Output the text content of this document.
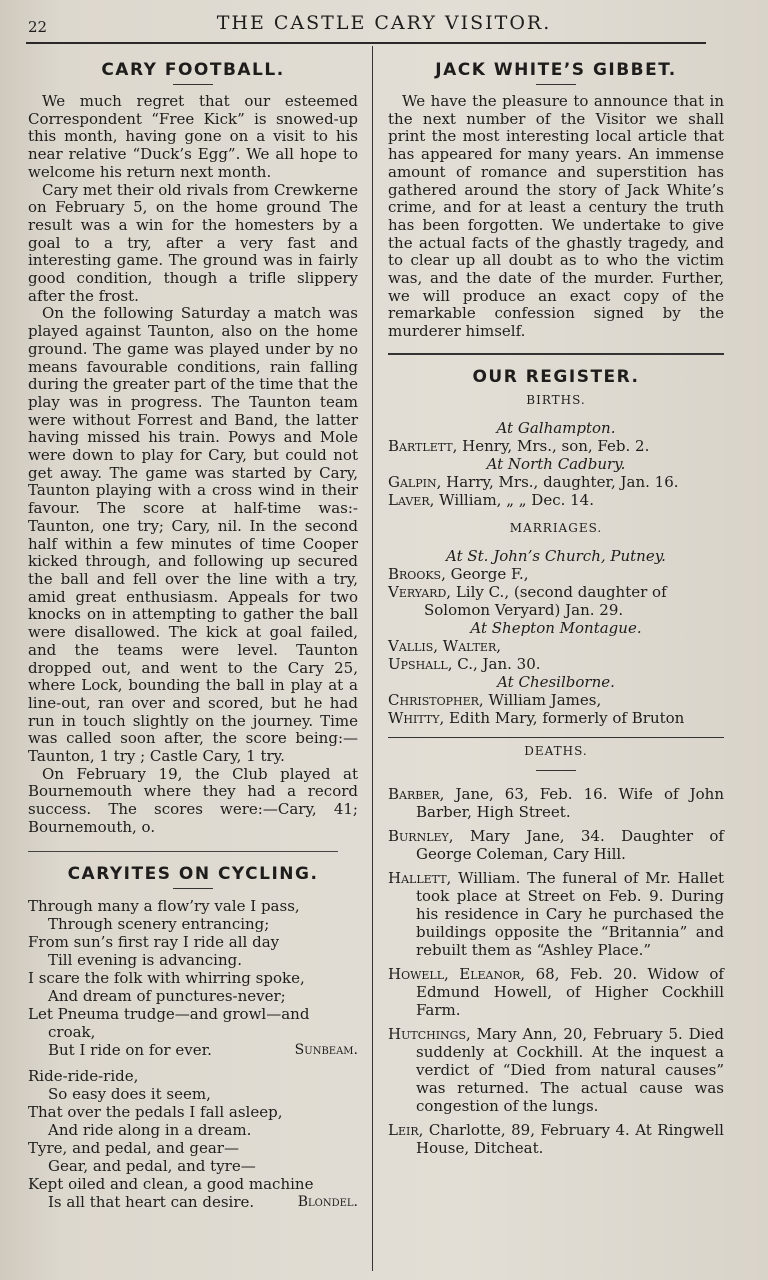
22	THE CASTLE CARY VISITOR.
CARY FOOTBALL.

We much regret that our esteemed Correspondent “Free Kick” is snowed-up this month, having gone on a visit to his near relative “Duck’s Egg”. We all hope to welcome his return next month.

Cary met their old rivals from Crewkerne on February 5, on the home ground The result was a win for the homesters by a goal to a try, after a very fast and interesting game. The ground was in fairly good condition, though a trifle slippery after the frost.

On the following Saturday a match was played against Taunton, also on the home ground. The game was played under by no means favourable conditions, rain falling during the greater part of the time that the play was in progress. The Taunton team were without Forrest and Band, the latter having missed his train. Powys and Mole were down to play for Cary, but could not get away. The game was started by Cary, Taunton playing with a cross wind in their favour. The score at half-time was:-Taunton, one try; Cary, nil. In the second half within a few minutes of time Cooper kicked through, and following up secured the ball and fell over the line with a try, amid great enthusiasm. Appeals for two knocks on in attempting to gather the ball were disallowed. The kick at goal failed, and the teams were level. Taunton dropped out, and went to the Cary 25, where Lock, bounding the ball in play at a line-out, ran over and scored, but he had run in touch slightly on the journey. Time was called soon after, the score being:—Taunton, 1 try ; Castle Cary, 1 try.

On February 19, the Club played at Bournemouth where they had a record success. The scores were:—Cary, 41; Bournemouth, o.

CARYITES ON CYCLING.
Through many a flow’ry vale I pass,
Through scenery entrancing;
From sun’s first ray I ride all day
Till evening is advancing.
I scare the folk with whirring spoke,
And dream of punctures-never;
Let Pneuma trudge—and growl—and
croak,
But I ride on for ever.	Sunbeam.
Ride-ride-ride,
So easy does it seem,
That over the pedals I fall asleep,
And ride along in a dream.
Tyre, and pedal, and gear—
Gear, and pedal, and tyre—
Kept oiled and clean, a good machine
Is all that heart can desire.	Blondel.
JACK WHITE’S GIBBET.

We have the pleasure to announce that in the next number of the Visitor we shall print the most interesting local article that has appeared for many years. An immense amount of romance and superstition has gathered around the story of Jack White’s crime, and for at least a century the truth has been forgotten. We undertake to give the actual facts of the ghastly tragedy, and to clear up all doubt as to who the victim was, and the date of the murder. Further, we will produce an exact copy of the remarkable confession signed by the murderer himself.

OUR REGISTER.
BIRTHS.
At Galhampton.
Bartlett, Henry, Mrs., son, Feb. 2.
At North Cadbury.
Galpin, Harry, Mrs., daughter, Jan. 16.
Laver, William, „ „ Dec. 14.
MARRIAGES.
At St. John’s Church, Putney.
Brooks, George F.,
Veryard, Lily C., (second daughter of Solomon Veryard) Jan. 29.
At Shepton Montague.
Vallis, Walter,
Upshall, C., Jan. 30.
At Chesilborne.
Christopher, William James,
Whitty, Edith Mary, formerly of Bruton
DEATHS.
Barber, Jane, 63, Feb. 16. Wife of John Barber, High Street.
Burnley, Mary Jane, 34. Daughter of George Coleman, Cary Hill.
Hallett, William. The funeral of Mr. Hallet took place at Street on Feb. 9. During his residence in Cary he purchased the buildings opposite the “Britannia” and rebuilt them as “Ashley Place.”
Howell, Eleanor, 68, Feb. 20. Widow of Edmund Howell, of Higher Cockhill Farm.
Hutchings, Mary Ann, 20, February 5. Died suddenly at Cockhill. At the inquest a verdict of “Died from natural causes” was returned. The actual cause was congestion of the lungs.
Leir, Charlotte, 89, February 4. At Ringwell House, Ditcheat.
